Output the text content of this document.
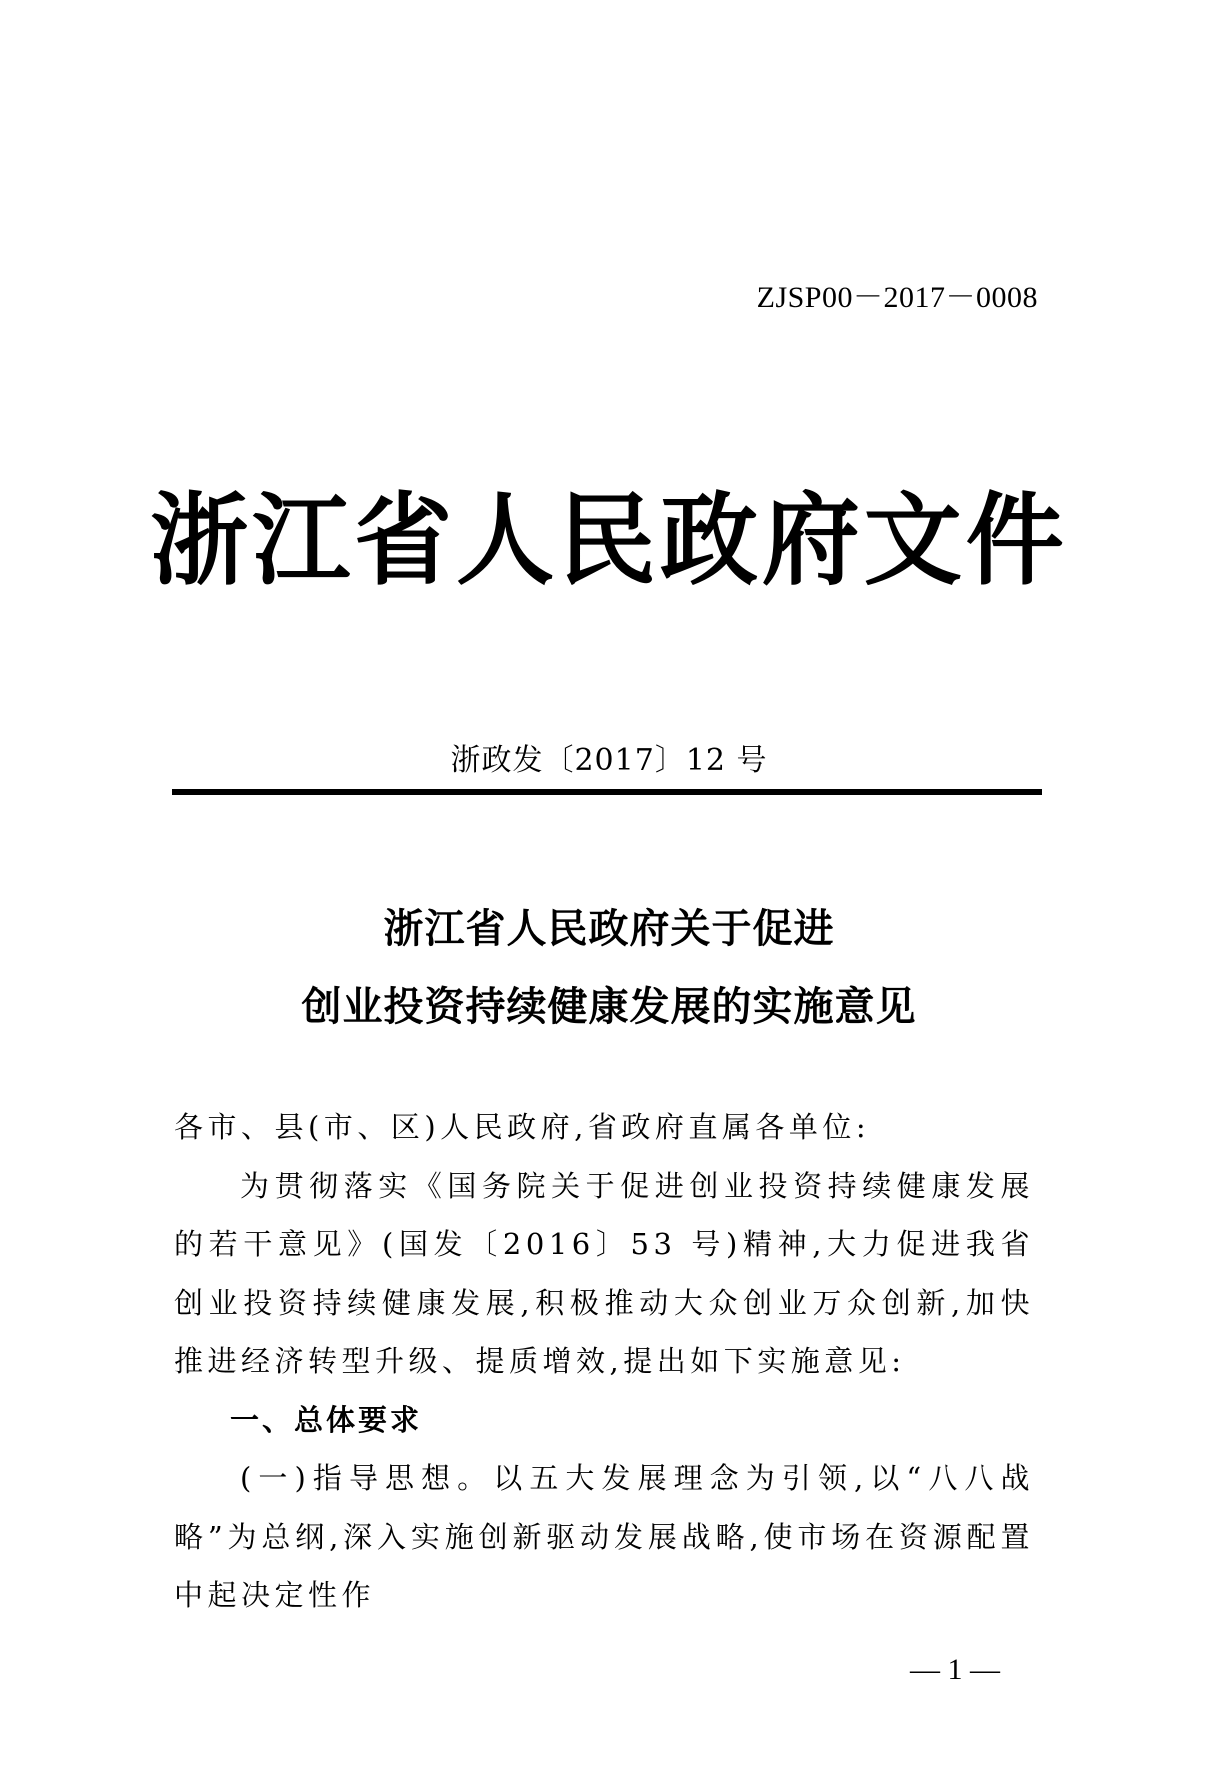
ZJSP00－2017－0008
浙江省人民政府文件
浙政发〔2017〕12 号
浙江省人民政府关于促进
创业投资持续健康发展的实施意见

各市、县(市、区)人民政府,省政府直属各单位:

为贯彻落实《国务院关于促进创业投资持续健康发展的若干意见》(国发〔2016〕53 号)精神,大力促进我省创业投资持续健康发展,积极推动大众创业万众创新,加快推进经济转型升级、提质增效,提出如下实施意见:

一、总体要求

(一)指导思想。以五大发展理念为引领,以“八八战略”为总纲,深入实施创新驱动发展战略,使市场在资源配置中起决定性作

— 1 —
